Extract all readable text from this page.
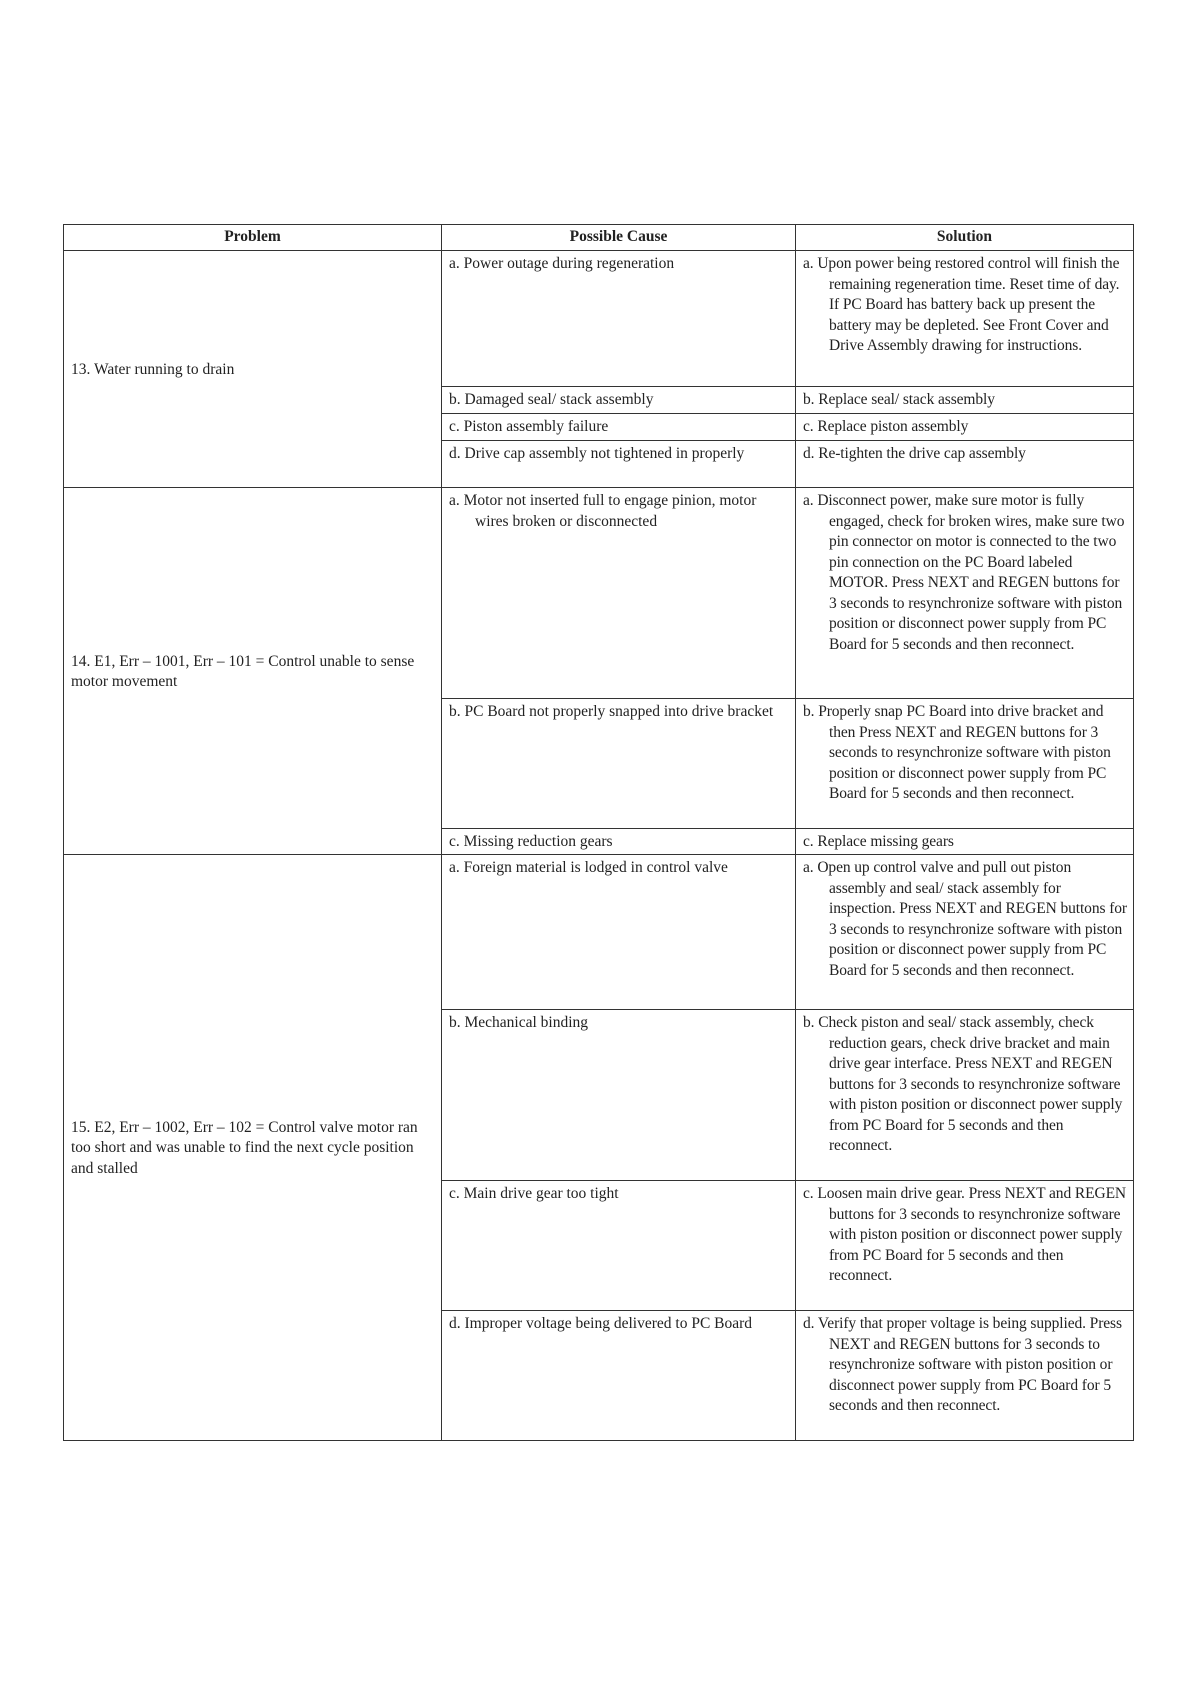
Problem	Possible Cause	Solution
13. Water running to drain	a. Power outage during regeneration	a. Upon power being restored control will finish the remaining regeneration time. Reset time of day. If PC Board has battery back up present the battery may be depleted. See Front Cover and Drive Assembly drawing for instructions.

	b. Damaged seal/ stack assembly	b. Replace seal/ stack assembly

	c. Piston assembly failure	c. Replace piston assembly

	d. Drive cap assembly not tightened in properly	d. Re-tighten the drive cap assembly

14. E1, Err – 1001, Err – 101 = Control unable to sense motor movement	a. Motor not inserted full to engage pinion, motor wires broken or disconnected	a. Disconnect power, make sure motor is fully engaged, check for broken wires, make sure two pin connector on motor is connected to the two pin connection on the PC Board labeled MOTOR. Press NEXT and REGEN buttons for 3 seconds to resynchronize software with piston position or disconnect power supply from PC Board for 5 seconds and then reconnect.

	b. PC Board not properly snapped into drive bracket	b. Properly snap PC Board into drive bracket and then Press NEXT and REGEN buttons for 3 seconds to resynchronize software with piston position or disconnect power supply from PC Board for 5 seconds and then reconnect.

	c. Missing reduction gears	c. Replace missing gears

15. E2, Err – 1002, Err – 102 = Control valve motor ran too short and was unable to find the next cycle position and stalled	a. Foreign material is lodged in control valve	a. Open up control valve and pull out piston assembly and seal/ stack assembly for inspection. Press NEXT and REGEN buttons for 3 seconds to resynchronize software with piston position or disconnect power supply from PC Board for 5 seconds and then reconnect.

	b. Mechanical binding	b. Check piston and seal/ stack assembly, check reduction gears, check drive bracket and main drive gear interface. Press NEXT and REGEN buttons for 3 seconds to resynchronize software with piston position or disconnect power supply from PC Board for 5 seconds and then reconnect.

	c. Main drive gear too tight	c. Loosen main drive gear. Press NEXT and REGEN buttons for 3 seconds to resynchronize software with piston position or disconnect power supply from PC Board for 5 seconds and then reconnect.

	d. Improper voltage being delivered to PC Board	d. Verify that proper voltage is being supplied. Press NEXT and REGEN buttons for 3 seconds to resynchronize software with piston position or disconnect power supply from PC Board for 5 seconds and then reconnect.
